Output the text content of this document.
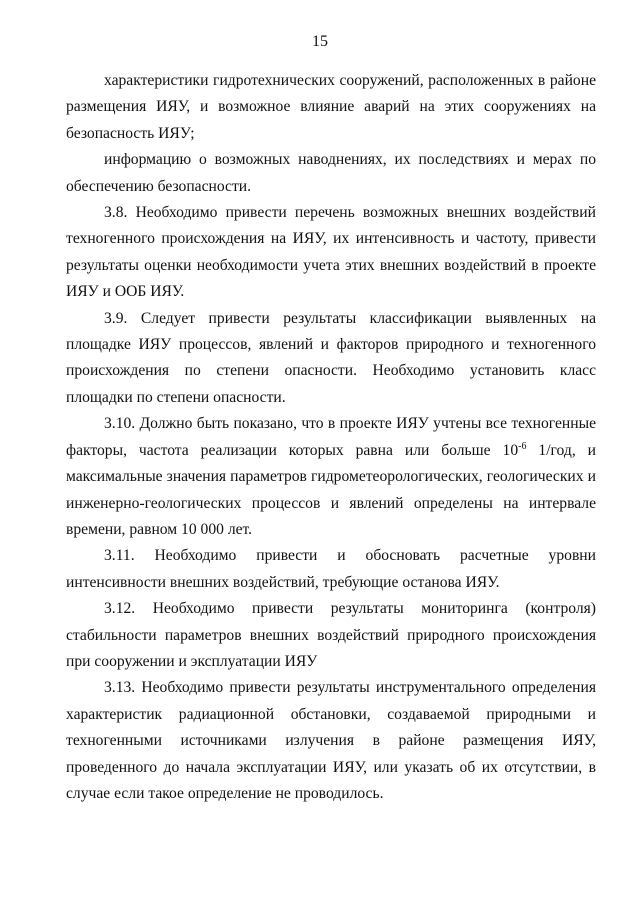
15

характеристики гидротехнических сооружений, расположенных в районе размещения ИЯУ, и возможное влияние аварий на этих сооружениях на безопасность ИЯУ;

информацию о возможных наводнениях, их последствиях и мерах по обеспечению безопасности.

3.8. Необходимо привести перечень возможных внешних воздействий техногенного происхождения на ИЯУ, их интенсивность и частоту, привести результаты оценки необходимости учета этих внешних воздействий в проекте ИЯУ и ООБ ИЯУ.

3.9. Следует привести результаты классификации выявленных на площадке ИЯУ процессов, явлений и факторов природного и техногенного происхождения по степени опасности. Необходимо установить класс площадки по степени опасности.

3.10. Должно быть показано, что в проекте ИЯУ учтены все техногенные факторы, частота реализации которых равна или больше $10^{-6}$ 1/год, и максимальные значения параметров гидрометеорологических, геологических и инженерно-геологических процессов и явлений определены на интервале времени, равном 10 000 лет.

3.11. Необходимо привести и обосновать расчетные уровни интенсивности внешних воздействий, требующие останова ИЯУ.

3.12. Необходимо привести результаты мониторинга (контроля) стабильности параметров внешних воздействий природного происхождения при сооружении и эксплуатации ИЯУ

3.13. Необходимо привести результаты инструментального определения характеристик радиационной обстановки, создаваемой природными и техногенными источниками излучения в районе размещения ИЯУ, проведенного до начала эксплуатации ИЯУ, или указать об их отсутствии, в случае если такое определение не проводилось.
